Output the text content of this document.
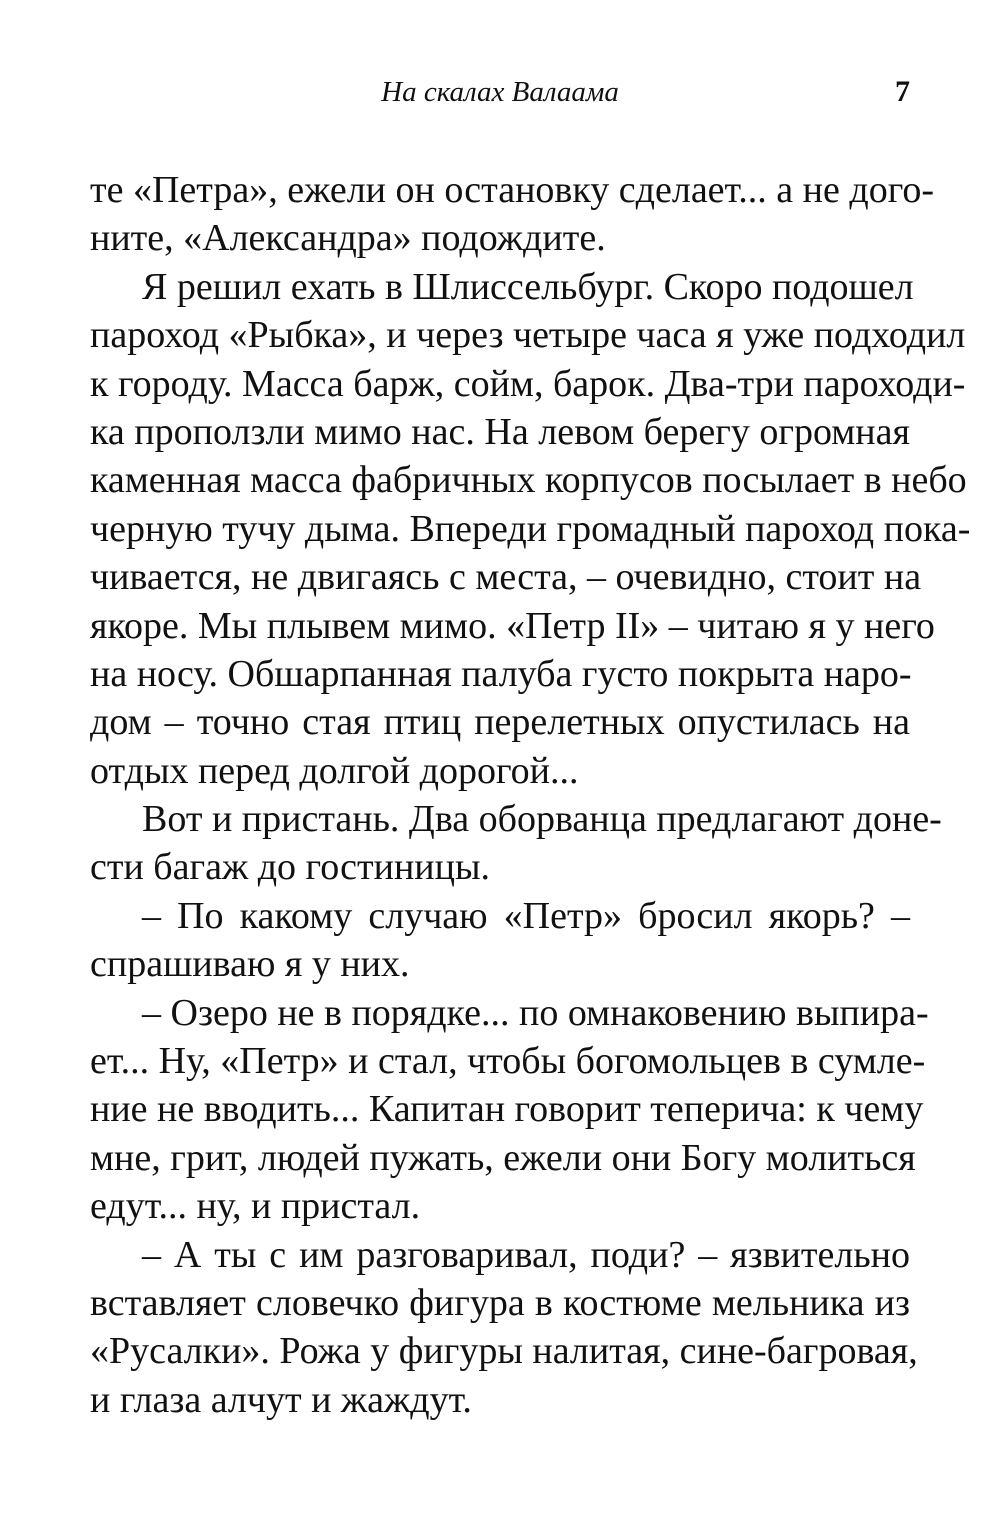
На скалах Валаама	7
те «Петра», ежели он остановку сделает... а не дого-
ните, «Александра» подождите.
Я решил ехать в Шлиссельбург. Скоро подошел
пароход «Рыбка», и через четыре часа я уже подходил
к городу. Масса барж, сойм, барок. Два-три пароходи-
ка проползли мимо нас. На левом берегу огромная
каменная масса фабричных корпусов посылает в небо
черную тучу дыма. Впереди громадный пароход пока-
чивается, не двигаясь с места, – очевидно, стоит на
якоре. Мы плывем мимо. «Петр II» – читаю я у него
на носу. Обшарпанная палуба густо покрыта наро-
дом – точно стая птиц перелетных опустилась на
отдых перед долгой дорогой...
Вот и пристань. Два оборванца предлагают доне-
сти багаж до гостиницы.
– По какому случаю «Петр» бросил якорь? –
спрашиваю я у них.
– Озеро не в порядке... по омнаковению выпира-
ет... Ну, «Петр» и стал, чтобы богомольцев в сумле-
ние не вводить... Капитан говорит теперича: к чему
мне, грит, людей пужать, ежели они Богу молиться
едут... ну, и пристал.
– А ты с им разговаривал, поди? – язвительно
вставляет словечко фигура в костюме мельника из
«Русалки». Рожа у фигуры налитая, сине-багровая,
и глаза алчут и жаждут.
